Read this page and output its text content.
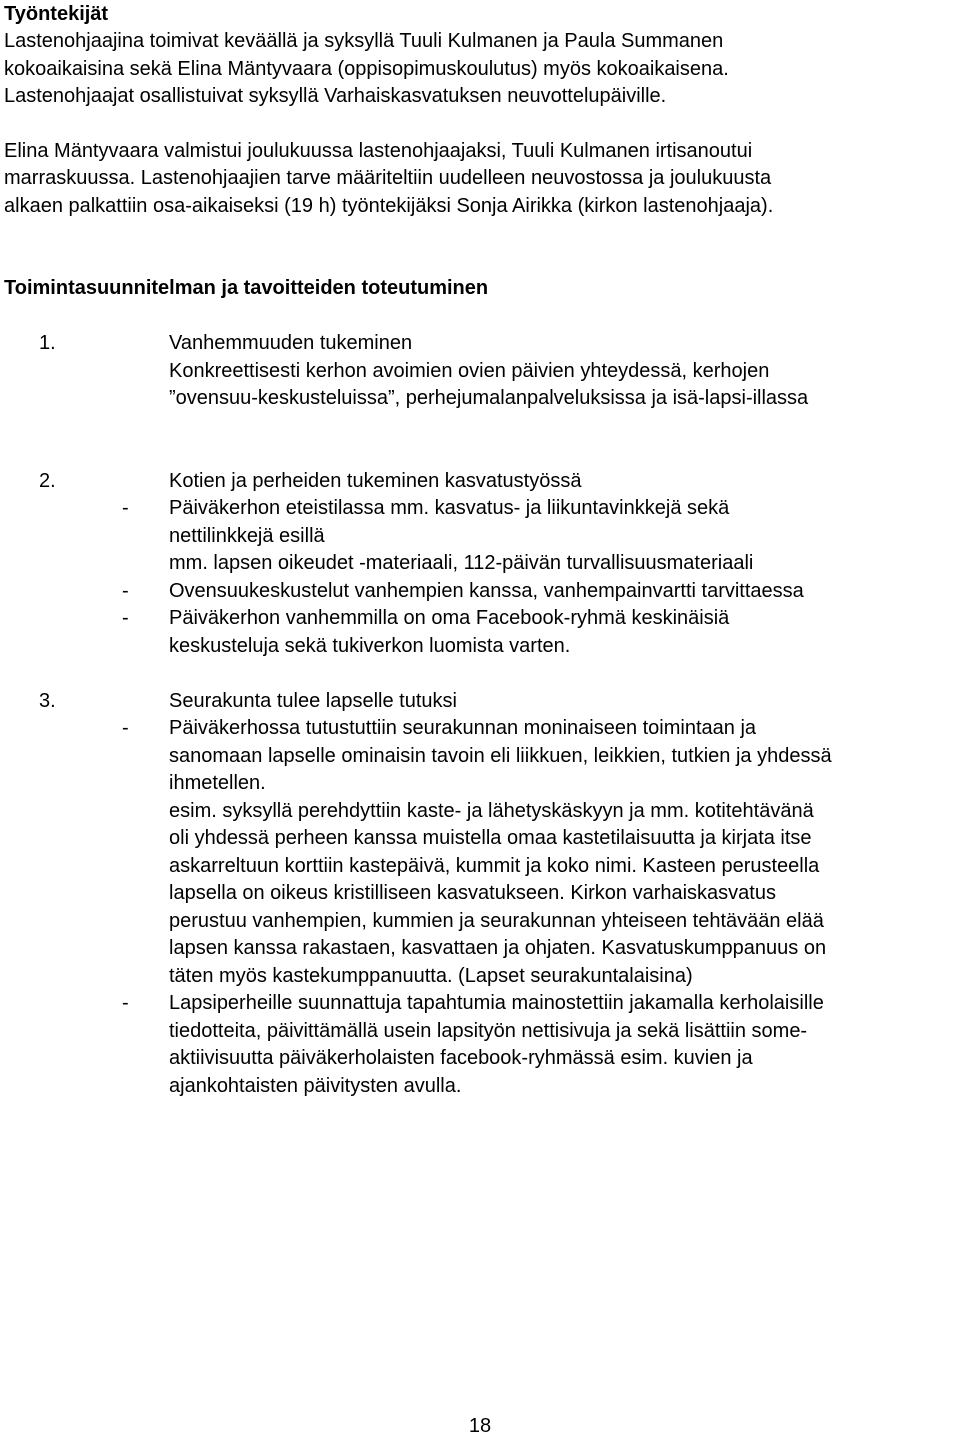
Työntekijät
Lastenohjaajina toimivat keväällä ja syksyllä Tuuli Kulmanen ja Paula Summanen
kokoaikaisina sekä Elina Mäntyvaara (oppisopimuskoulutus) myös kokoaikaisena.
Lastenohjaajat osallistuivat syksyllä Varhaiskasvatuksen neuvottelupäiville.
Elina Mäntyvaara valmistui joulukuussa lastenohjaajaksi, Tuuli Kulmanen irtisanoutui
marraskuussa. Lastenohjaajien tarve määriteltiin uudelleen neuvostossa ja joulukuusta
alkaen palkattiin osa-aikaiseksi (19 h) työntekijäksi Sonja Airikka (kirkon lastenohjaaja).
Toimintasuunnitelman ja tavoitteiden toteutuminen
1.	Vanhemmuuden tukeminen
Konkreettisesti kerhon avoimien ovien päivien yhteydessä, kerhojen
”ovensuu-keskusteluissa”, perhejumalanpalveluksissa ja isä-lapsi-illassa
2.	Kotien ja perheiden tukeminen kasvatustyössä
- Päiväkerhon eteistilassa mm. kasvatus- ja liikuntavinkkejä sekä
nettilinkkejä esillä
mm. lapsen oikeudet -materiaali, 112-päivän turvallisuusmateriaali
- Ovensuukeskustelut vanhempien kanssa, vanhempainvartti tarvittaessa
- Päiväkerhon vanhemmilla on oma Facebook-ryhmä keskinäisiä
keskusteluja sekä tukiverkon luomista varten.
3.	Seurakunta tulee lapselle tutuksi
- Päiväkerhossa tutustuttiin seurakunnan moninaiseen toimintaan ja
sanomaan lapselle ominaisin tavoin eli liikkuen, leikkien, tutkien ja yhdessä
ihmetellen.
esim. syksyllä perehdyttiin kaste- ja lähetyskäskyyn ja mm. kotitehtävänä
oli yhdessä perheen kanssa muistella omaa kastetilaisuutta ja kirjata itse
askarreltuun korttiin kastepäivä, kummit ja koko nimi. Kasteen perusteella
lapsella on oikeus kristilliseen kasvatukseen. Kirkon varhaiskasvatus
perustuu vanhempien, kummien ja seurakunnan yhteiseen tehtävään elää
lapsen kanssa rakastaen, kasvattaen ja ohjaten. Kasvatuskumppanuus on
täten myös kastekumppanuutta. (Lapset seurakuntalaisina)
- Lapsiperheille suunnattuja tapahtumia mainostettiin jakamalla kerholaisille
tiedotteita, päivittämällä usein lapsityön nettisivuja ja sekä lisättiin some-
aktiivisuutta päiväkerholaisten facebook-ryhmässä esim. kuvien ja
ajankohtaisten päivitysten avulla.
18
